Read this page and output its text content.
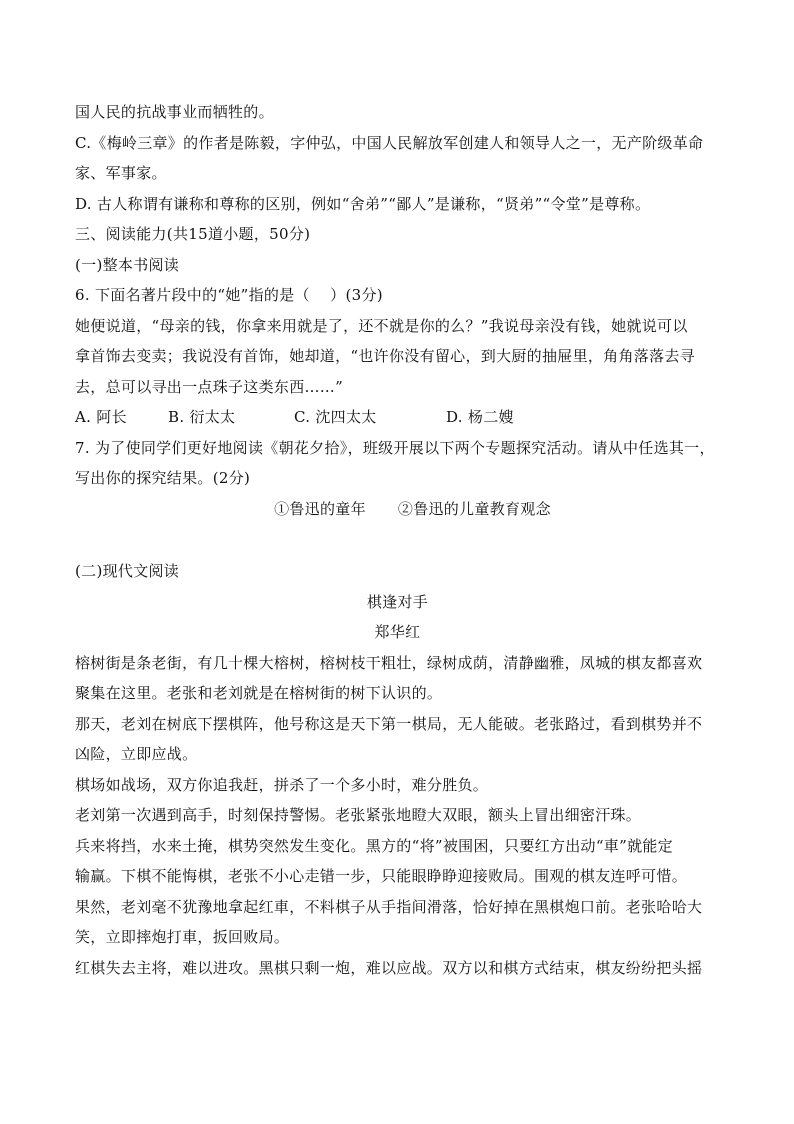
国人民的抗战事业而牺牲的。
C.《梅岭三章》的作者是陈毅，字仲弘，中国人民解放军创建人和领导人之一，无产阶级革命
家、军事家。
D. 古人称谓有谦称和尊称的区别，例如“舍弟”“鄙人”是谦称，“贤弟”“令堂”是尊称。
三、阅读能力(共15道小题，50分)
(一)整本书阅读
6. 下面名著片段中的“她”指的是（　 ）(3分)
她便说道，“母亲的钱，你拿来用就是了，还不就是你的么？”我说母亲没有钱，她就说可以
拿首饰去变卖；我说没有首饰，她却道，“也许你没有留心，到大厨的抽屉里，角角落落去寻
去，总可以寻出一点珠子这类东西……”
A. 阿长	B. 衍太太	C. 沈四太太	D. 杨二嫂
7. 为了使同学们更好地阅读《朝花夕拾》，班级开展以下两个专题探究活动。请从中任选其一，
写出你的探究结果。(2分)
①鲁迅的童年 ②鲁迅的儿童教育观念
(二)现代文阅读
棋逢对手
郑华红
榕树街是条老街，有几十棵大榕树，榕树枝干粗壮，绿树成荫，清静幽雅，凤城的棋友都喜欢
聚集在这里。老张和老刘就是在榕树街的树下认识的。
那天，老刘在树底下摆棋阵，他号称这是天下第一棋局，无人能破。老张路过，看到棋势并不
凶险，立即应战。
棋场如战场，双方你追我赶，拼杀了一个多小时，难分胜负。
老刘第一次遇到高手，时刻保持警惕。老张紧张地瞪大双眼，额头上冒出细密汗珠。
兵来将挡，水来土掩，棋势突然发生变化。黑方的“将”被围困，只要红方出动“車”就能定
输赢。下棋不能悔棋，老张不小心走错一步，只能眼睁睁迎接败局。围观的棋友连呼可惜。
果然，老刘毫不犹豫地拿起红車，不料棋子从手指间滑落，恰好掉在黑棋炮口前。老张哈哈大
笑，立即摔炮打車，扳回败局。
红棋失去主将，难以进攻。黑棋只剩一炮，难以应战。双方以和棋方式结束，棋友纷纷把头摇
